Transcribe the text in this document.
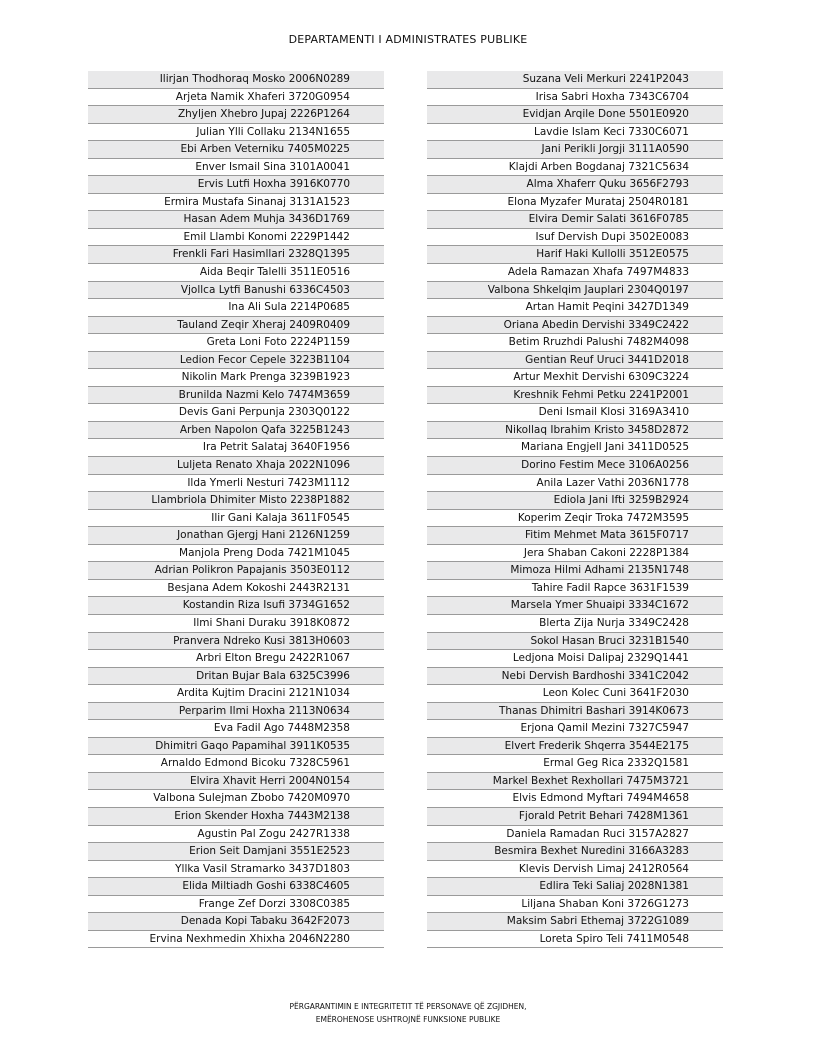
DEPARTAMENTI I ADMINISTRATES PUBLIKE
Ilirjan Thodhoraq Mosko 2006N0289
Arjeta Namik Xhaferi 3720G0954
Zhyljen Xhebro Jupaj 2226P1264
Julian Ylli Collaku 2134N1655
Ebi Arben Veterniku 7405M0225
Enver Ismail Sina 3101A0041
Ervis Lutfi Hoxha 3916K0770
Ermira Mustafa Sinanaj 3131A1523
Hasan Adem Muhja 3436D1769
Emil Llambi Konomi 2229P1442
Frenkli Fari Hasimllari 2328Q1395
Aida Beqir Talelli 3511E0516
Vjollca Lytfi Banushi 6336C4503
Ina Ali Sula 2214P0685
Tauland Zeqir Xheraj 2409R0409
Greta Loni Foto 2224P1159
Ledion Fecor Cepele 3223B1104
Nikolin Mark Prenga 3239B1923
Brunilda Nazmi Kelo 7474M3659
Devis Gani Perpunja 2303Q0122
Arben Napolon Qafa 3225B1243
Ira Petrit Salataj 3640F1956
Luljeta Renato Xhaja 2022N1096
Ilda Ymerli Nesturi 7423M1112
Llambriola Dhimiter Misto 2238P1882
Ilir Gani Kalaja 3611F0545
Jonathan Gjergj Hani 2126N1259
Manjola Preng Doda 7421M1045
Adrian Polikron Papajanis 3503E0112
Besjana Adem Kokoshi 2443R2131
Kostandin Riza Isufi 3734G1652
Ilmi Shani Duraku 3918K0872
Pranvera Ndreko Kusi 3813H0603
Arbri Elton Bregu 2422R1067
Dritan Bujar Bala 6325C3996
Ardita Kujtim Dracini 2121N1034
Perparim Ilmi Hoxha 2113N0634
Eva Fadil Ago 7448M2358
Dhimitri Gaqo Papamihal 3911K0535
Arnaldo Edmond Bicoku 7328C5961
Elvira Xhavit Herri 2004N0154
Valbona Sulejman Zbobo 7420M0970
Erion Skender Hoxha 7443M2138
Agustin Pal Zogu 2427R1338
Erion Seit Damjani 3551E2523
Yllka Vasil Stramarko 3437D1803
Elida Miltiadh Goshi 6338C4605
Frange Zef Dorzi 3308C0385
Denada Kopi Tabaku 3642F2073
Ervina Nexhmedin Xhixha 2046N2280
Suzana Veli Merkuri 2241P2043
Irisa Sabri Hoxha 7343C6704
Evidjan Arqile Done 5501E0920
Lavdie Islam Keci 7330C6071
Jani Perikli Jorgji 3111A0590
Klajdi Arben Bogdanaj 7321C5634
Alma Xhaferr Quku 3656F2793
Elona Myzafer Murataj 2504R0181
Elvira Demir Salati 3616F0785
Isuf Dervish Dupi 3502E0083
Harif Haki Kullolli 3512E0575
Adela Ramazan Xhafa 7497M4833
Valbona Shkelqim Jauplari 2304Q0197
Artan Hamit Peqini 3427D1349
Oriana Abedin Dervishi 3349C2422
Betim Rruzhdi Palushi 7482M4098
Gentian Reuf Uruci 3441D2018
Artur Mexhit Dervishi 6309C3224
Kreshnik Fehmi Petku 2241P2001
Deni Ismail Klosi 3169A3410
Nikollaq Ibrahim Kristo 3458D2872
Mariana Engjell Jani 3411D0525
Dorino Festim Mece 3106A0256
Anila Lazer Vathi 2036N1778
Ediola Jani Ifti 3259B2924
Koperim Zeqir Troka 7472M3595
Fitim Mehmet Mata 3615F0717
Jera Shaban Cakoni 2228P1384
Mimoza Hilmi Adhami 2135N1748
Tahire Fadil Rapce 3631F1539
Marsela Ymer Shuaipi 3334C1672
Blerta Zija Nurja 3349C2428
Sokol Hasan Bruci 3231B1540
Ledjona Moisi Dalipaj 2329Q1441
Nebi Dervish Bardhoshi 3341C2042
Leon Kolec Cuni 3641F2030
Thanas Dhimitri Bashari 3914K0673
Erjona Qamil Mezini 7327C5947
Elvert Frederik Shqerra 3544E2175
Ermal Geg Rica 2332Q1581
Markel Bexhet Rexhollari 7475M3721
Elvis Edmond Myftari 7494M4658
Fjorald Petrit Behari 7428M1361
Daniela Ramadan Ruci 3157A2827
Besmira Bexhet Nuredini 3166A3283
Klevis Dervish Limaj 2412R0564
Edlira Teki Saliaj 2028N1381
Liljana Shaban Koni 3726G1273
Maksim Sabri Ethemaj 3722G1089
Loreta Spiro Teli 7411M0548
PËRGARANTIMIN E INTEGRITETIT TË PERSONAVE QË ZGJIDHEN,
EMËROHENOSE USHTROJNË FUNKSIONE PUBLIKE
